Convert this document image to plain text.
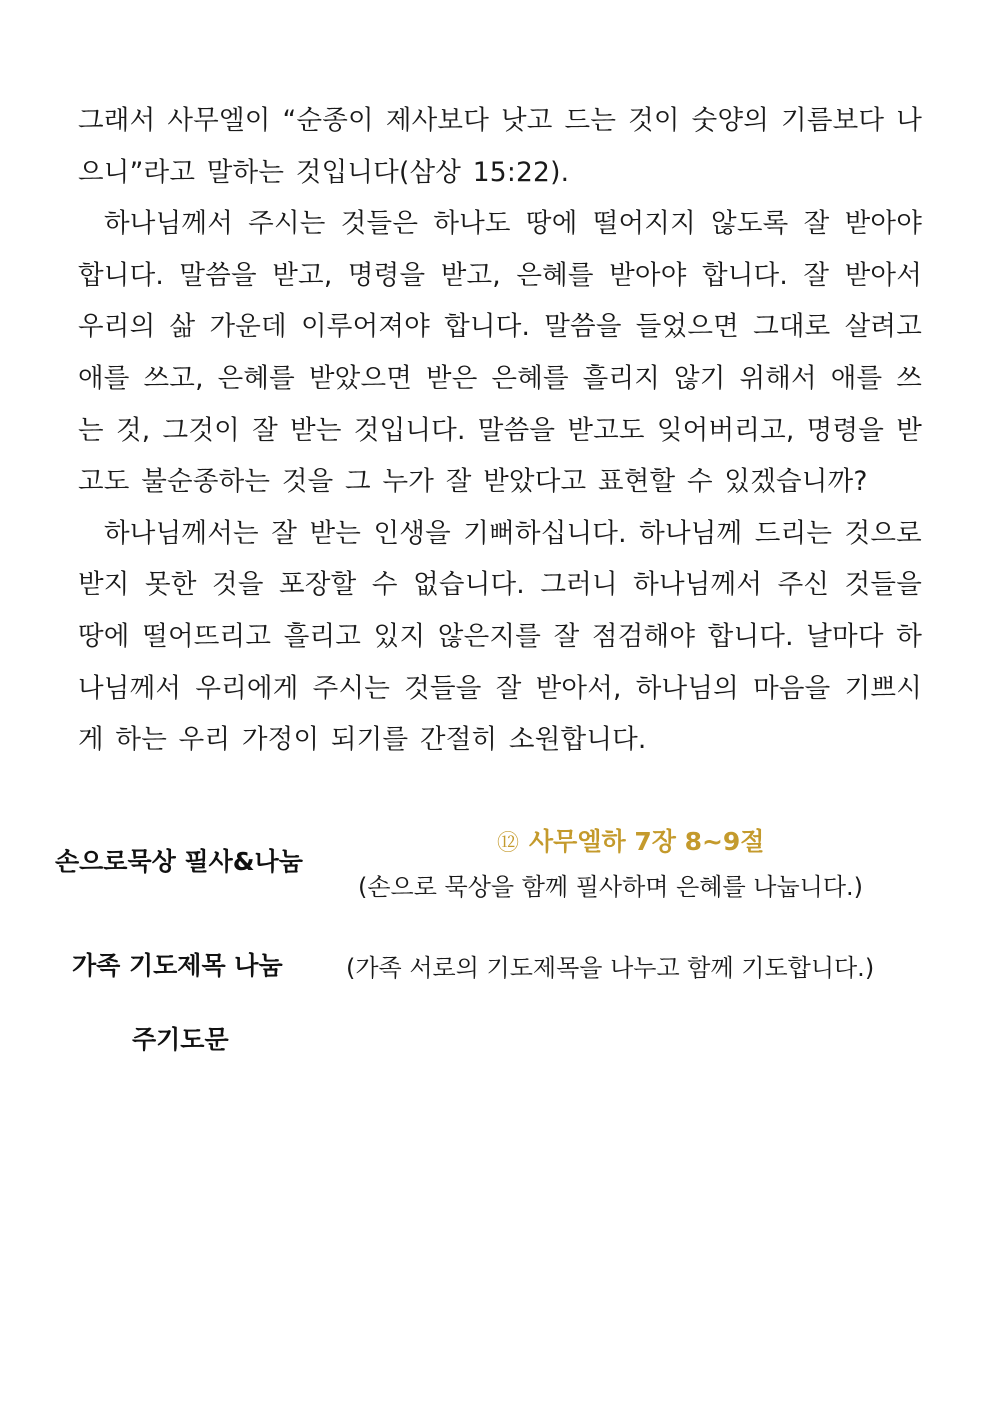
그래서 사무엘이 “순종이 제사보다 낫고 드는 것이 숫양의 기름보다 나으니”라고 말하는 것입니다(삼상 15:22).

하나님께서 주시는 것들은 하나도 땅에 떨어지지 않도록 잘 받아야 합니다. 말씀을 받고, 명령을 받고, 은혜를 받아야 합니다. 잘 받아서 우리의 삶 가운데 이루어져야 합니다. 말씀을 들었으면 그대로 살려고 애를 쓰고, 은혜를 받았으면 받은 은혜를 흘리지 않기 위해서 애를 쓰는 것, 그것이 잘 받는 것입니다. 말씀을 받고도 잊어버리고, 명령을 받고도 불순종하는 것을 그 누가 잘 받았다고 표현할 수 있겠습니까?

하나님께서는 잘 받는 인생을 기뻐하십니다. 하나님께 드리는 것으로 받지 못한 것을 포장할 수 없습니다. 그러니 하나님께서 주신 것들을 땅에 떨어뜨리고 흘리고 있지 않은지를 잘 점검해야 합니다. 날마다 하나님께서 우리에게 주시는 것들을 잘 받아서, 하나님의 마음을 기쁘시게 하는 우리 가정이 되기를 간절히 소원합니다.

손으로묵상 필사&나눔
⑫ 사무엘하 7장 8~9절
(손으로 묵상을 함께 필사하며 은혜를 나눕니다.)
가족 기도제목 나눔	(가족 서로의 기도제목을 나누고 함께 기도합니다.)
주기도문
